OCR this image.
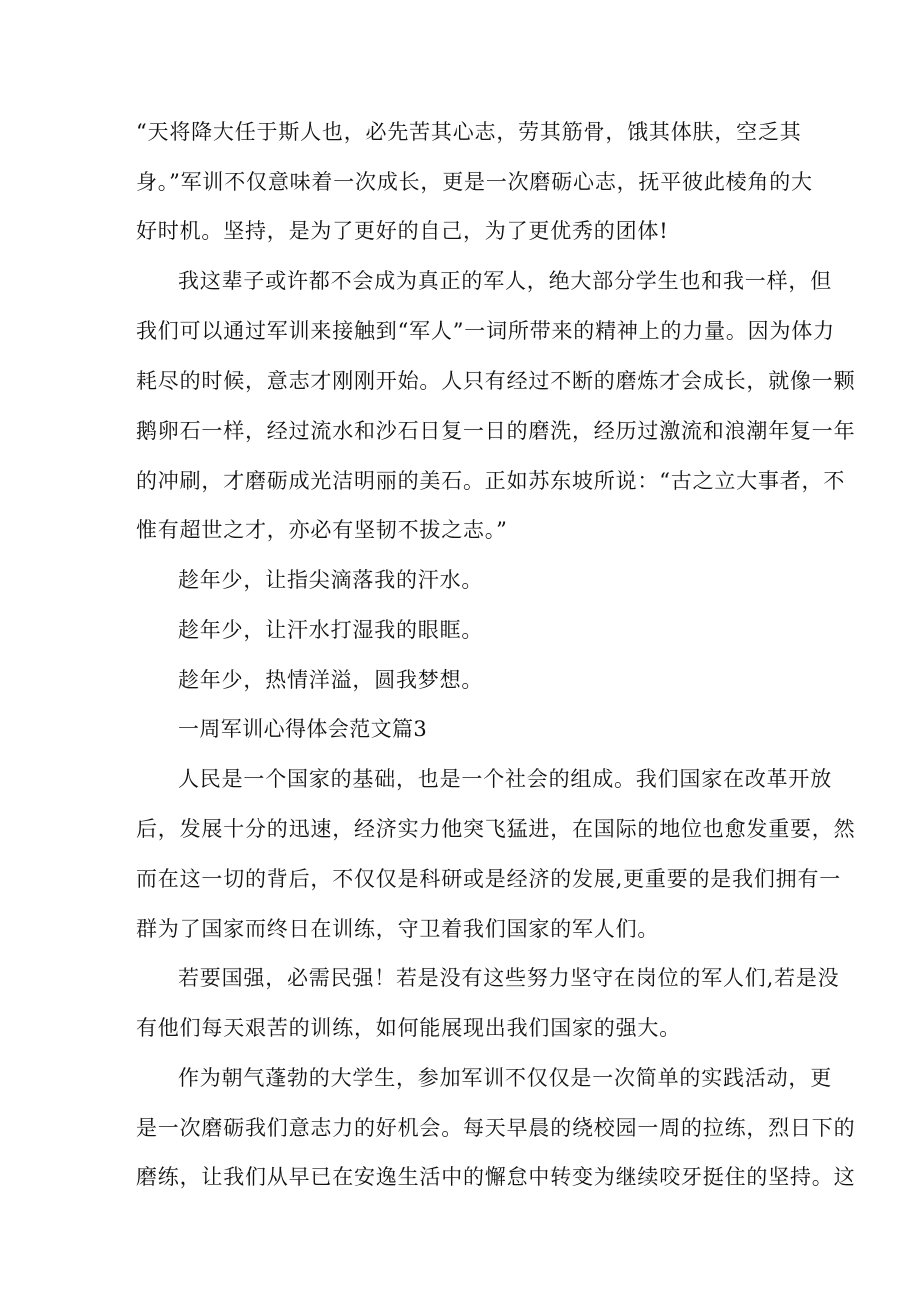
“天将降大任于斯人也，必先苦其心志，劳其筋骨，饿其体肤，空乏其
身。”军训不仅意味着一次成长，更是一次磨砺心志，抚平彼此棱角的大
好时机。坚持，是为了更好的自己，为了更优秀的团体!
我这辈子或许都不会成为真正的军人，绝大部分学生也和我一样，但
我们可以通过军训来接触到“军人”一词所带来的精神上的力量。因为体力
耗尽的时候，意志才刚刚开始。人只有经过不断的磨炼才会成长，就像一颗
鹅卵石一样，经过流水和沙石日复一日的磨洗，经历过激流和浪潮年复一年
的冲刷，才磨砺成光洁明丽的美石。正如苏东坡所说：“古之立大事者，不
惟有超世之才，亦必有坚韧不拔之志。”
趁年少，让指尖滴落我的汗水。
趁年少，让汗水打湿我的眼眶。
趁年少，热情洋溢，圆我梦想。
一周军训心得体会范文篇3
人民是一个国家的基础，也是一个社会的组成。我们国家在改革开放
后，发展十分的迅速，经济实力他突飞猛进，在国际的地位也愈发重要，然
而在这一切的背后，不仅仅是科研或是经济的发展,更重要的是我们拥有一
群为了国家而终日在训练，守卫着我们国家的军人们。
若要国强，必需民强！若是没有这些努力坚守在岗位的军人们,若是没
有他们每天艰苦的训练，如何能展现出我们国家的强大。
作为朝气蓬勃的大学生，参加军训不仅仅是一次简单的实践活动，更
是一次磨砺我们意志力的好机会。每天早晨的绕校园一周的拉练，烈日下的
磨练，让我们从早已在安逸生活中的懈怠中转变为继续咬牙挺住的坚持。这
